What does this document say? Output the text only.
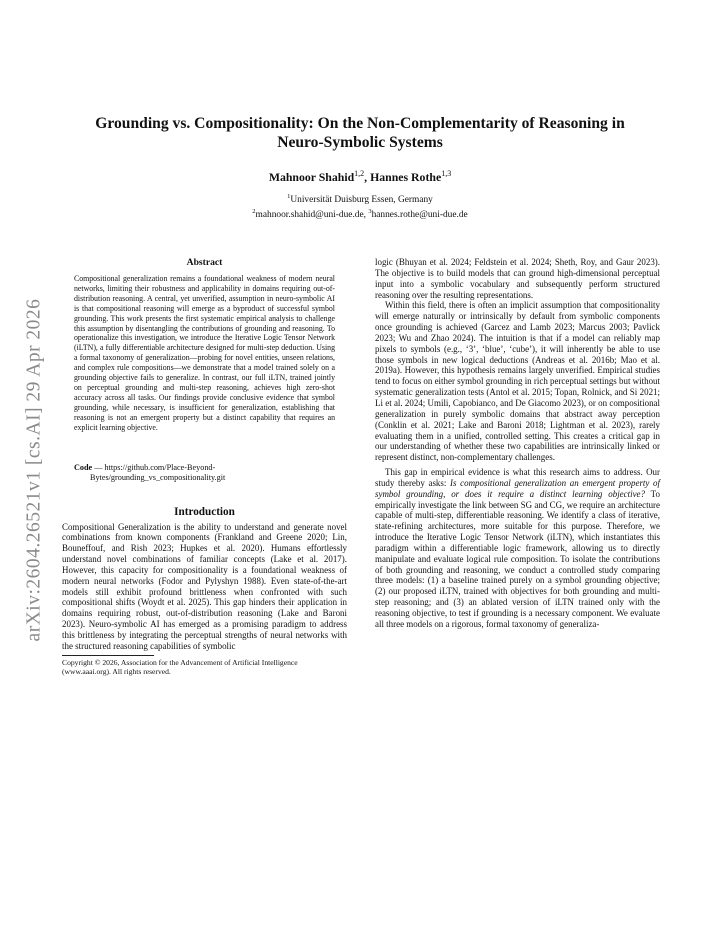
arXiv:2604.26521v1 [cs.AI] 29 Apr 2026
Grounding vs. Compositionality: On the Non-Complementarity of Reasoning in
Neuro-Symbolic Systems
Mahnoor Shahid$^{1,2}$, Hannes Rothe$^{1,3}$
$^1$Universität Duisburg Essen, Germany
$^2$mahnoor.shahid@uni-due.de, $^3$hannes.rothe@uni-due.de
Abstract

Compositional generalization remains a foundational weakness of modern neural networks, limiting their robustness and applicability in domains requiring out-of-distribution reasoning. A central, yet unverified, assumption in neuro-symbolic AI is that compositional reasoning will emerge as a byproduct of successful symbol grounding. This work presents the first systematic empirical analysis to challenge this assumption by disentangling the contributions of grounding and reasoning. To operationalize this investigation, we introduce the Iterative Logic Tensor Network (iLTN), a fully differentiable architecture designed for multi-step deduction. Using a formal taxonomy of generalization—probing for novel entities, unseen relations, and complex rule compositions—we demonstrate that a model trained solely on a grounding objective fails to generalize. In contrast, our full iLTN, trained jointly on perceptual grounding and multi-step reasoning, achieves high zero-shot accuracy across all tasks. Our findings provide conclusive evidence that symbol grounding, while necessary, is insufficient for generalization, establishing that reasoning is not an emergent property but a distinct capability that requires an explicit learning objective.

Code — https://github.com/Place-Beyond-
Bytes/grounding_vs_compositionality.git
Introduction

Compositional Generalization is the ability to understand and generate novel combinations from known components (Frankland and Greene 2020; Lin, Bouneffouf, and Rish 2023; Hupkes et al. 2020). Humans effortlessly understand novel combinations of familiar concepts (Lake et al. 2017). However, this capacity for compositionality is a foundational weakness of modern neural networks (Fodor and Pylyshyn 1988). Even state-of-the-art models still exhibit profound brittleness when confronted with such compositional shifts (Woydt et al. 2025). This gap hinders their application in domains requiring robust, out-of-distribution reasoning (Lake and Baroni 2023). Neuro-symbolic AI has emerged as a promising paradigm to address this brittleness by integrating the perceptual strengths of neural networks with the structured reasoning capabilities of symbolic

Copyright © 2026, Association for the Advancement of Artificial Intelligence (www.aaai.org). All rights reserved.

logic (Bhuyan et al. 2024; Feldstein et al. 2024; Sheth, Roy, and Gaur 2023). The objective is to build models that can ground high-dimensional perceptual input into a symbolic vocabulary and subsequently perform structured reasoning over the resulting representations.

Within this field, there is often an implicit assumption that compositionality will emerge naturally or intrinsically by default from symbolic components once grounding is achieved (Garcez and Lamb 2023; Marcus 2003; Pavlick 2023; Wu and Zhao 2024). The intuition is that if a model can reliably map pixels to symbols (e.g., ‘3’, ‘blue’, ‘cube’), it will inherently be able to use those symbols in new logical deductions (Andreas et al. 2016b; Mao et al. 2019a). However, this hypothesis remains largely unverified. Empirical studies tend to focus on either symbol grounding in rich perceptual settings but without systematic generalization tests (Antol et al. 2015; Topan, Rolnick, and Si 2021; Li et al. 2024; Umili, Capobianco, and De Giacomo 2023), or on compositional generalization in purely symbolic domains that abstract away perception (Conklin et al. 2021; Lake and Baroni 2018; Lightman et al. 2023), rarely evaluating them in a unified, controlled setting. This creates a critical gap in our understanding of whether these two capabilities are intrinsically linked or represent distinct, non-complementary challenges.

This gap in empirical evidence is what this research aims to address. Our study thereby asks: Is compositional generalization an emergent property of symbol grounding, or does it require a distinct learning objective? To empirically investigate the link between SG and CG, we require an architecture capable of multi-step, differentiable reasoning. We identify a class of iterative, state-refining architectures, more suitable for this purpose. Therefore, we introduce the Iterative Logic Tensor Network (iLTN), which instantiates this paradigm within a differentiable logic framework, allowing us to directly manipulate and evaluate logical rule composition. To isolate the contributions of both grounding and reasoning, we conduct a controlled study comparing three models: (1) a baseline trained purely on a symbol grounding objective; (2) our proposed iLTN, trained with objectives for both grounding and multi-step reasoning; and (3) an ablated version of iLTN trained only with the reasoning objective, to test if grounding is a necessary component. We evaluate all three models on a rigorous, formal taxonomy of generaliza-
